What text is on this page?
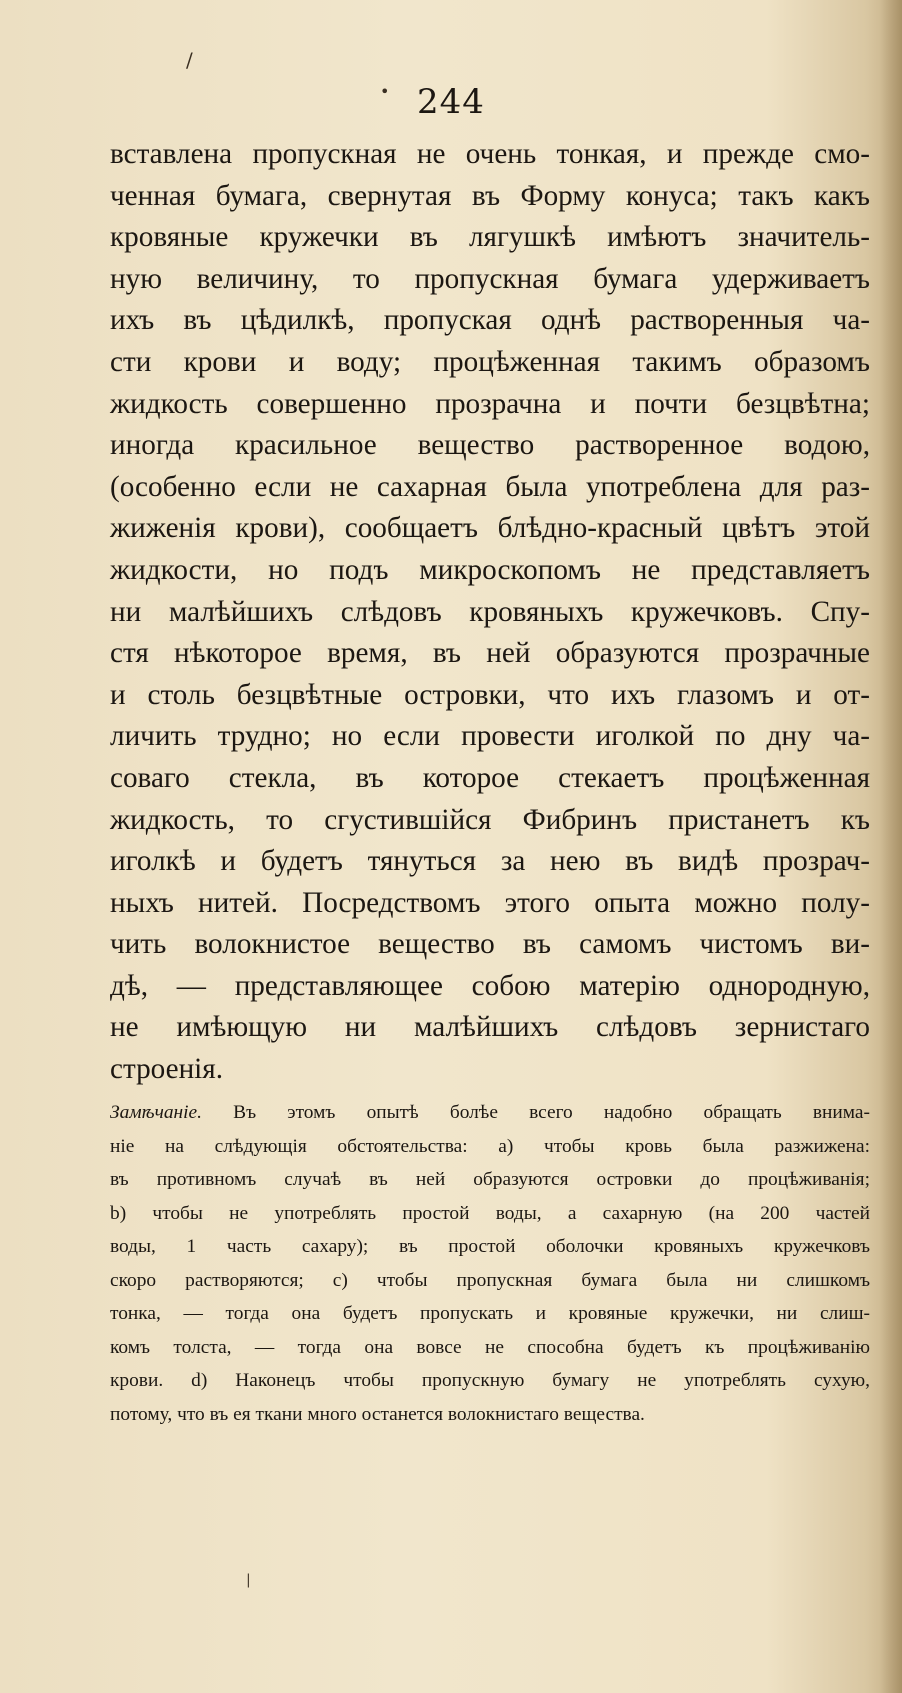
/
• 244
вставлена пропускная не очень тонкая, и прежде смо-
ченная бумага, свернутая въ Форму конуса; такъ какъ
кровяные кружечки въ лягушкѣ имѣютъ значитель-
ную величину, то пропускная бумага удерживаетъ
ихъ въ цѣдилкѣ, пропуская однѣ растворенныя ча-
сти крови и воду; процѣженная такимъ образомъ
жидкость совершенно прозрачна и почти безцвѣтна;
иногда красильное вещество растворенное водою,
(особенно если не сахарная была употреблена для раз-
жиженія крови), сообщаетъ блѣдно-красный цвѣтъ этой
жидкости, но подъ микроскопомъ не представляетъ
ни малѣйшихъ слѣдовъ кровяныхъ кружечковъ. Спу-
стя нѣкоторое время, въ ней образуются прозрачные
и столь безцвѣтные островки, что ихъ глазомъ и от-
личить трудно; но если провести иголкой по дну ча-
соваго стекла, въ которое стекаетъ процѣженная
жидкость, то сгустившійся Фибринъ пристанетъ къ
иголкѣ и будетъ тянуться за нею въ видѣ прозрач-
ныхъ нитей. Посредствомъ этого опыта можно полу-
чить волокнистое вещество въ самомъ чистомъ ви-
дѣ, — представляющее собою матерію однородную,
не имѣющую ни малѣйшихъ слѣдовъ зернистаго
строенія.
Замѣчаніе. Въ этомъ опытѣ болѣе всего надобно обращать внима-
ніе на слѣдующія обстоятельства: а) чтобы кровь была разжижена:
въ противномъ случаѣ въ ней образуются островки до процѣживанія;
b) чтобы не употреблять простой воды, а сахарную (на 200 частей
воды, 1 часть сахару); въ простой оболочки кровяныхъ кружечковъ
скоро растворяются; с) чтобы пропускная бумага была ни слишкомъ
тонка, — тогда она будетъ пропускать и кровяные кружечки, ни слиш-
комъ толста, — тогда она вовсе не способна будетъ къ процѣживанію
крови. d) Наконецъ чтобы пропускную бумагу не употреблять сухую,
потому, что въ ея ткани много останется волокнистаго вещества.
|
